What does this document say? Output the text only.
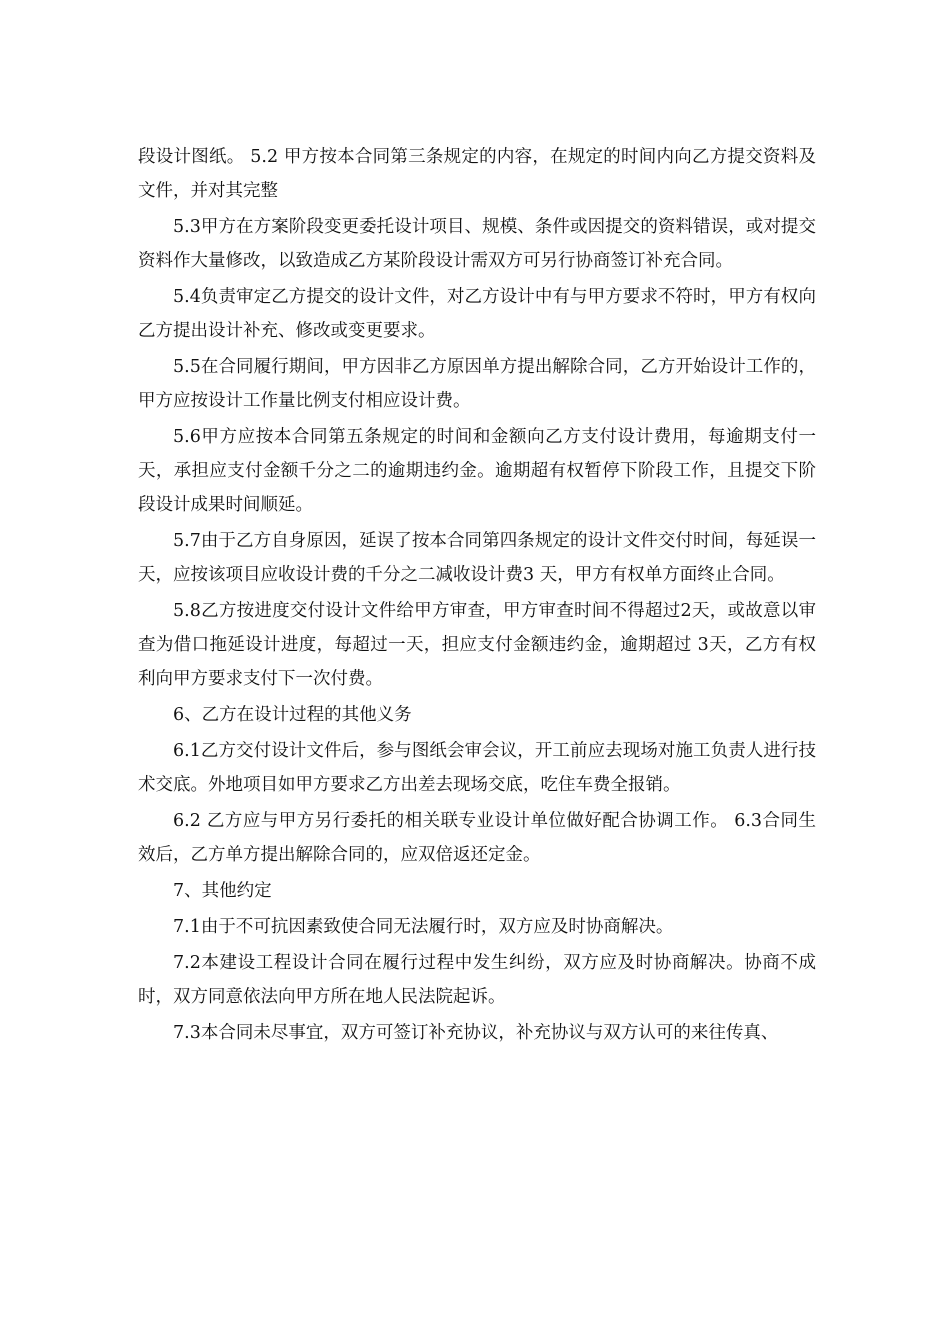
段设计图纸。 5.2 甲方按本合同第三条规定的内容，在规定的时间内向乙方提交资料及文件，并对其完整

5.3甲方在方案阶段变更委托设计项目、规模、条件或因提交的资料错误，或对提交资料作大量修改，以致造成乙方某阶段设计需双方可另行协商签订补充合同。

5.4负责审定乙方提交的设计文件，对乙方设计中有与甲方要求不符时，甲方有权向乙方提出设计补充、修改或变更要求。

5.5在合同履行期间，甲方因非乙方原因单方提出解除合同，乙方开始设计工作的，甲方应按设计工作量比例支付相应设计费。

5.6甲方应按本合同第五条规定的时间和金额向乙方支付设计费用，每逾期支付一天，承担应支付金额千分之二的逾期违约金。逾期超有权暂停下阶段工作，且提交下阶段设计成果时间顺延。

5.7由于乙方自身原因，延误了按本合同第四条规定的设计文件交付时间，每延误一天，应按该项目应收设计费的千分之二减收设计费3 天，甲方有权单方面终止合同。

5.8乙方按进度交付设计文件给甲方审查，甲方审查时间不得超过2天，或故意以审查为借口拖延设计进度，每超过一天，担应支付金额违约金，逾期超过 3天，乙方有权利向甲方要求支付下一次付费。

6、乙方在设计过程的其他义务

6.1乙方交付设计文件后，参与图纸会审会议，开工前应去现场对施工负责人进行技术交底。外地项目如甲方要求乙方出差去现场交底，吃住车费全报销。

6.2 乙方应与甲方另行委托的相关联专业设计单位做好配合协调工作。 6.3合同生效后，乙方单方提出解除合同的，应双倍返还定金。

7、其他约定

7.1由于不可抗因素致使合同无法履行时，双方应及时协商解决。

7.2本建设工程设计合同在履行过程中发生纠纷，双方应及时协商解决。协商不成时，双方同意依法向甲方所在地人民法院起诉。

7.3本合同未尽事宜，双方可签订补充协议，补充协议与双方认可的来往传真、
